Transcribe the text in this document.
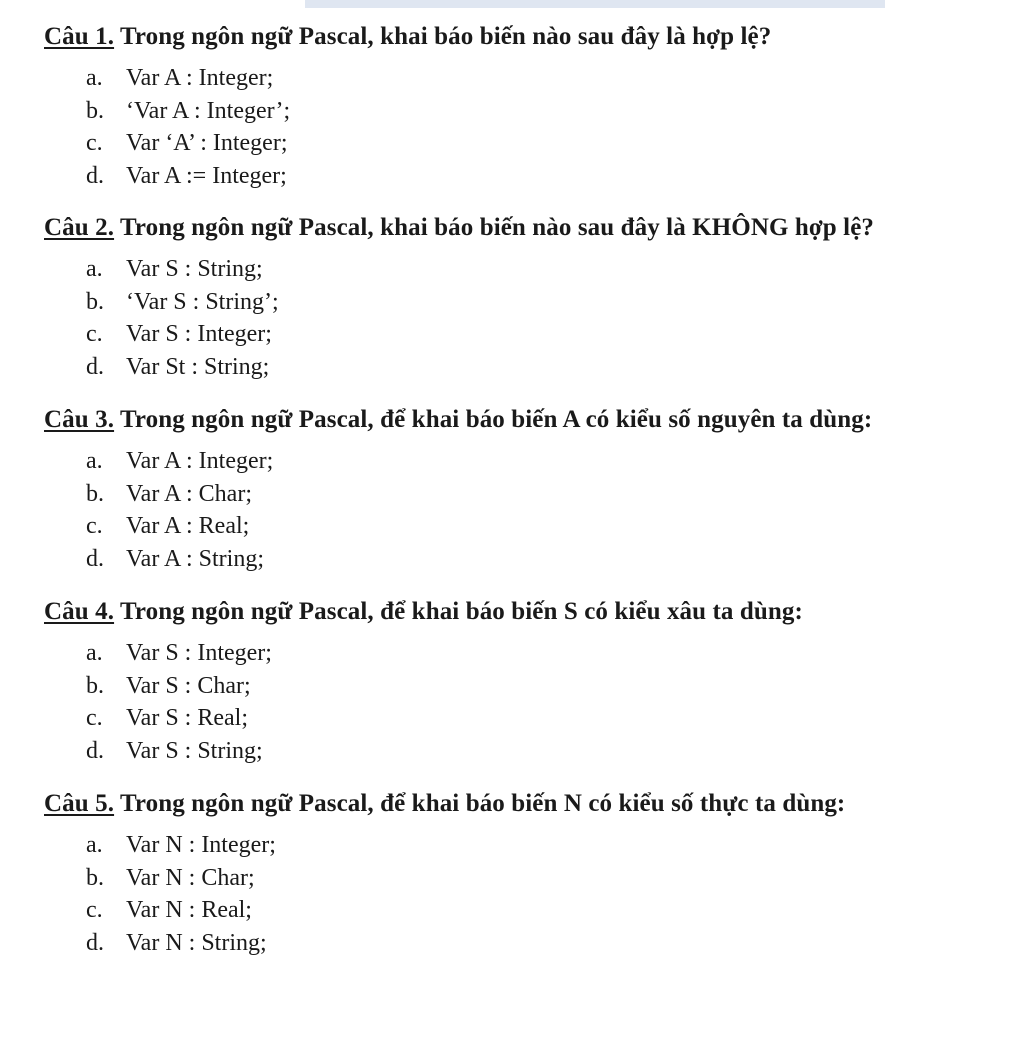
Câu 1. Trong ngôn ngữ Pascal, khai báo biến nào sau đây là hợp lệ?
a. Var A : Integer;
b. ‘Var A : Integer’;
c. Var ‘A’ : Integer;
d. Var A := Integer;
Câu 2. Trong ngôn ngữ Pascal, khai báo biến nào sau đây là KHÔNG hợp lệ?
a. Var S : String;
b. ‘Var S : String’;
c. Var S : Integer;
d. Var St : String;
Câu 3. Trong ngôn ngữ Pascal, để khai báo biến A có kiểu số nguyên ta dùng:
a. Var A : Integer;
b. Var A : Char;
c. Var A : Real;
d. Var A : String;
Câu 4. Trong ngôn ngữ Pascal, để khai báo biến S có kiểu xâu ta dùng:
a. Var S : Integer;
b. Var S : Char;
c. Var S : Real;
d. Var S : String;
Câu 5. Trong ngôn ngữ Pascal, để khai báo biến N có kiểu số thực ta dùng:
a. Var N : Integer;
b. Var N : Char;
c. Var N : Real;
d. Var N : String;
